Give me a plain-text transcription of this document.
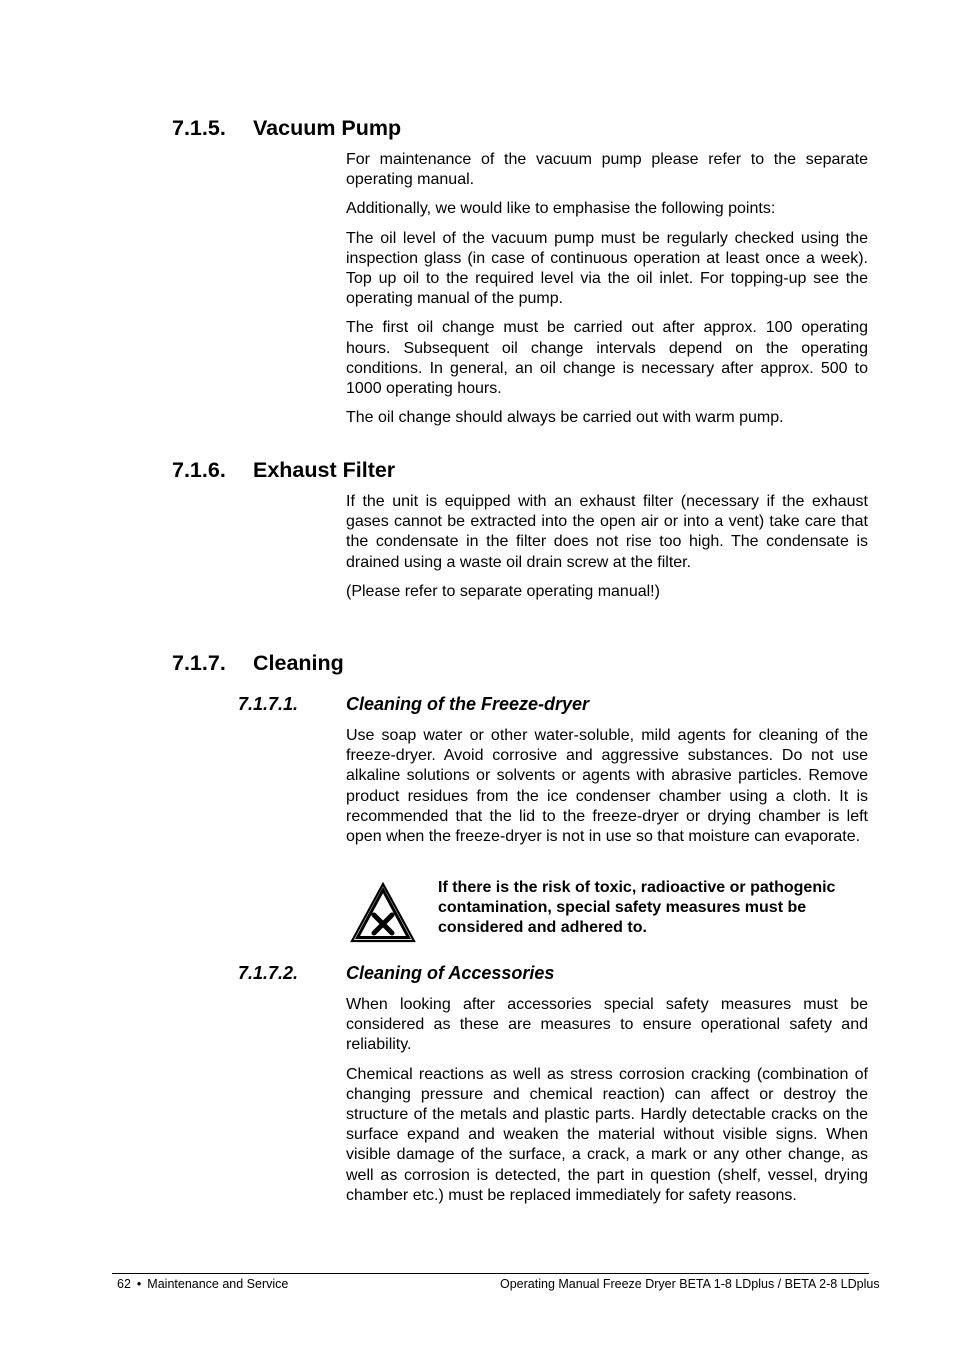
7.1.5. Vacuum Pump

For maintenance of the vacuum pump please refer to the separate operating manual.

Additionally, we would like to emphasise the following points:

The oil level of the vacuum pump must be regularly checked using the inspection glass (in case of continuous operation at least once a week). Top up oil to the required level via the oil inlet. For topping-up see the operating manual of the pump.

The first oil change must be carried out after approx. 100 operating hours. Subsequent oil change intervals depend on the operating conditions. In general, an oil change is necessary after approx. 500 to 1000 operating hours.

The oil change should always be carried out with warm pump.

7.1.6. Exhaust Filter

If the unit is equipped with an exhaust filter (necessary if the exhaust gases cannot be extracted into the open air or into a vent) take care that the condensate in the filter does not rise too high. The condensate is drained using a waste oil drain screw at the filter.

(Please refer to separate operating manual!)

7.1.7. Cleaning
7.1.7.1.	Cleaning of the Freeze-dryer

Use soap water or other water-soluble, mild agents for cleaning of the freeze-dryer. Avoid corrosive and aggressive substances. Do not use alkaline solutions or solvents or agents with abrasive particles. Remove product residues from the ice condenser chamber using a cloth. It is recommended that the lid to the freeze-dryer or drying chamber is left open when the freeze-dryer is not in use so that moisture can evaporate.

If there is the risk of toxic, radioactive or pathogenic contamination, special safety measures must be considered and adhered to.

7.1.7.2.	Cleaning of Accessories

When looking after accessories special safety measures must be considered as these are measures to ensure operational safety and reliability.

Chemical reactions as well as stress corrosion cracking (combination of changing pressure and chemical reaction) can affect or destroy the structure of the metals and plastic parts. Hardly detectable cracks on the surface expand and weaken the material without visible signs. When visible damage of the surface, a crack, a mark or any other change, as well as corrosion is detected, the part in question (shelf, vessel, drying chamber etc.) must be replaced immediately for safety reasons.

62 • Maintenance and Service	Operating Manual Freeze Dryer BETA 1-8 LDplus / BETA 2-8 LDplus
